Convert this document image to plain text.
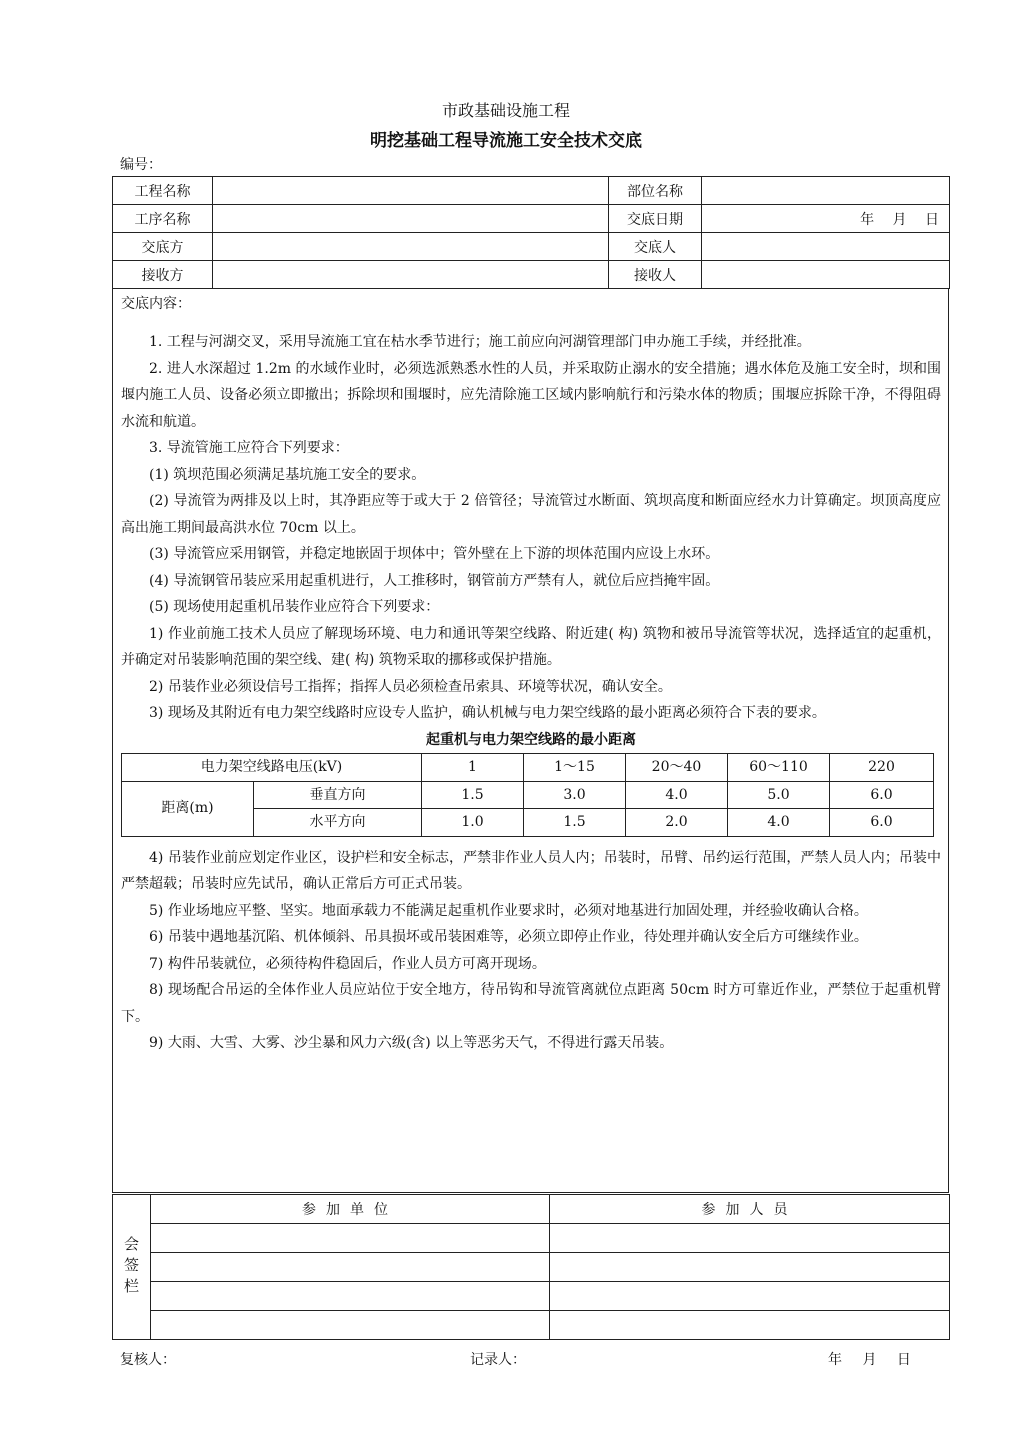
市政基础设施工程
明挖基础工程导流施工安全技术交底
编号：
工程名称		部位名称	
工序名称		交底日期	年 月 日
交底方		交底人	
接收方		接收人	
交底内容：

1. 工程与河湖交叉，采用导流施工宜在枯水季节进行；施工前应向河湖管理部门申办施工手续，并经批准。

2. 进人水深超过 1.2m 的水域作业时，必须选派熟悉水性的人员，并采取防止溺水的安全措施；遇水体危及施工安全时，坝和围堰内施工人员、设备必须立即撤出；拆除坝和围堰时，应先清除施工区域内影响航行和污染水体的物质；围堰应拆除干净，不得阻碍水流和航道。

3. 导流管施工应符合下列要求：

(1) 筑坝范围必须满足基坑施工安全的要求。

(2) 导流管为两排及以上时，其净距应等于或大于 2 倍管径；导流管过水断面、筑坝高度和断面应经水力计算确定。坝顶高度应高出施工期间最高洪水位 70cm 以上。

(3) 导流管应采用钢管，并稳定地嵌固于坝体中；管外壁在上下游的坝体范围内应设上水环。

(4) 导流钢管吊装应采用起重机进行，人工推移时，钢管前方严禁有人，就位后应挡掩牢固。

(5) 现场使用起重机吊装作业应符合下列要求：

1) 作业前施工技术人员应了解现场环境、电力和通讯等架空线路、附近建( 构) 筑物和被吊导流管等状况，选择适宜的起重机，并确定对吊装影响范围的架空线、建( 构) 筑物采取的挪移或保护措施。

2) 吊装作业必须设信号工指挥；指挥人员必须检查吊索具、环境等状况，确认安全。

3) 现场及其附近有电力架空线路时应设专人监护，确认机械与电力架空线路的最小距离必须符合下表的要求。

起重机与电力架空线路的最小距离

电力架空线路电压(kV)		1	1～15	20～40	60～110	220
距离(m)	垂直方向	1.5	3.0	4.0	5.0	6.0
	水平方向	1.0	1.5	2.0	4.0	6.0

4) 吊装作业前应划定作业区，设护栏和安全标志，严禁非作业人员人内；吊装时，吊臂、吊约运行范围，严禁人员人内；吊装中严禁超载；吊装时应先试吊，确认正常后方可正式吊装。

5) 作业场地应平整、坚实。地面承载力不能满足起重机作业要求时，必须对地基进行加固处理，并经验收确认合格。

6) 吊装中遇地基沉陷、机体倾斜、吊具损坏或吊装困难等，必须立即停止作业，待处理并确认安全后方可继续作业。

7) 构件吊装就位，必须待构件稳固后，作业人员方可离开现场。

8) 现场配合吊运的全体作业人员应站位于安全地方，待吊钩和导流管离就位点距离 50cm 时方可靠近作业，严禁位于起重机臂下。

9) 大雨、大雪、大雾、沙尘暴和风力六级(含) 以上等恶劣天气，不得进行露天吊装。

会签栏	参加单位	参加人员

复核人：	记录人：	年 月 日
